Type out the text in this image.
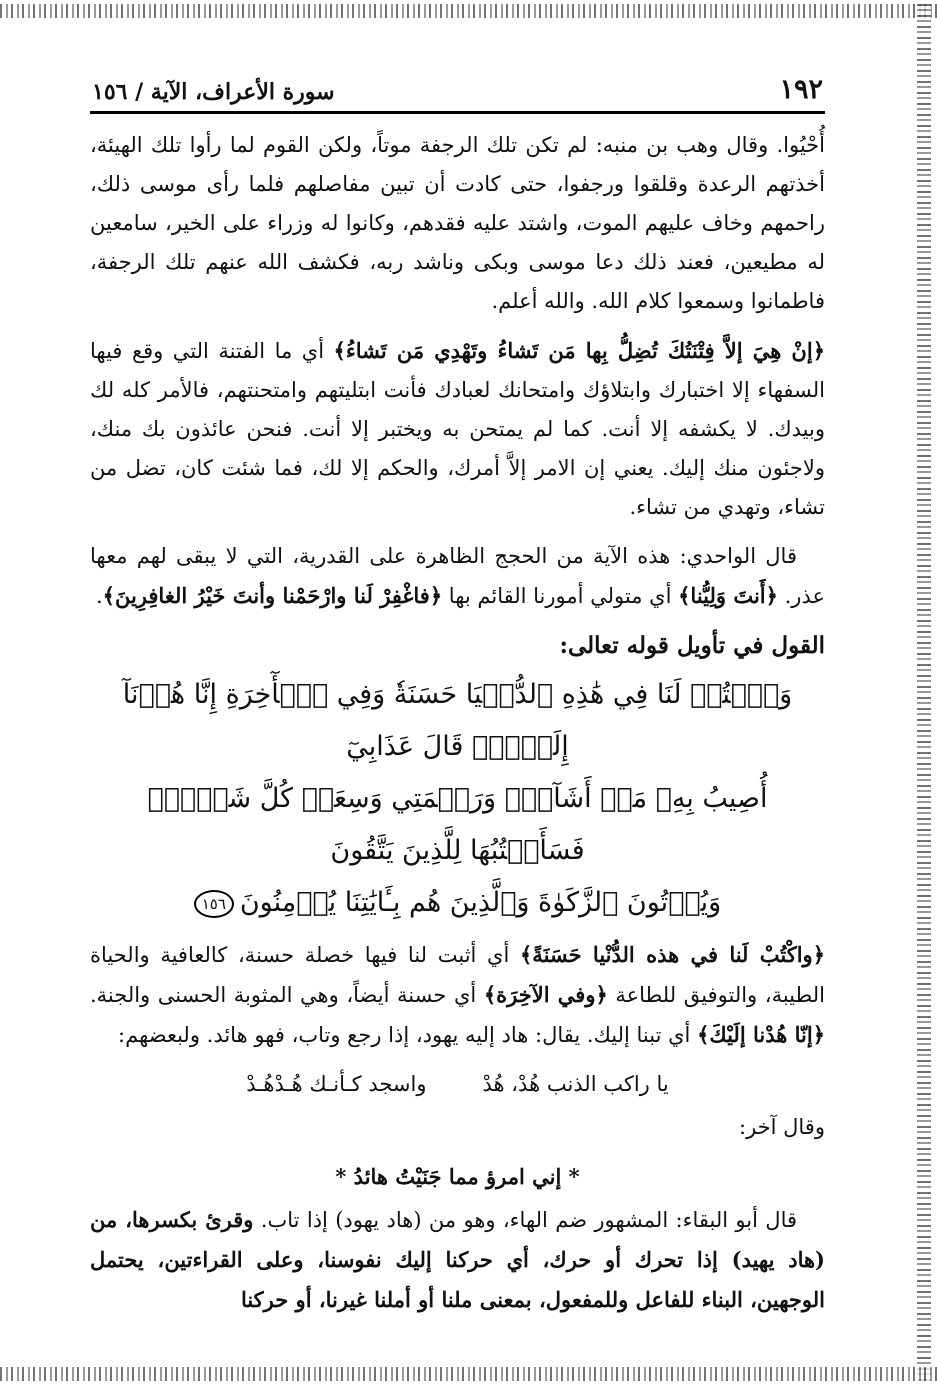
١٩٢
سورة الأعراف، الآية / ١٥٦

أُحْيُوا. وقال وهب بن منبه: لم تكن تلك الرجفة موتاً، ولكن القوم لما رأوا تلك الهيئة، أخذتهم الرعدة وقلقوا ورجفوا، حتى كادت أن تبين مفاصلهم فلما رأى موسى ذلك، راحمهم وخاف عليهم الموت، واشتد عليه فقدهم، وكانوا له وزراء على الخير، سامعين له مطيعين، فعند ذلك دعا موسى وبكى وناشد ربه، فكشف الله عنهم تلك الرجفة، فاطمانوا وسمعوا كلام الله. والله أعلم.

﴿إنْ هِيَ إلاَّ فِتْنَتُكَ تُضِلُّ بِها مَن تَشاءُ وتَهْدِي مَن تَشاءُ﴾ أي ما الفتنة التي وقع فيها السفهاء إلا اختبارك وابتلاؤك وامتحانك لعبادك فأنت ابتليتهم وامتحنتهم، فالأمر كله لك وبيدك. لا يكشفه إلا أنت. كما لم يمتحن به ويختبر إلا أنت. فنحن عائذون بك منك، ولاجئون منك إليك. يعني إن الامر إلاَّ أمرك، والحكم إلا لك، فما شئت كان، تضل من تشاء، وتهدي من تشاء.

قال الواحدي: هذه الآية من الحجج الظاهرة على القدرية، التي لا يبقى لهم معها عذر. ﴿أَنتَ وَلِيُّنا﴾ أي متولي أمورنا القائم بها ﴿فاغْفِرْ لَنا وارْحَمْنا وأنتَ خَيْرُ الغافِرِينَ﴾.

القول في تأويل قوله تعالى:
وَٱكۡتُبۡ لَنَا فِي هَٰذِهِ ٱلدُّنۡيَا حَسَنَةٗ وَفِي ٱلۡأٓخِرَةِ إِنَّا هُدۡنَآ إِلَيۡكَۚ قَالَ عَذَابِيٓ
أُصِيبُ بِهِۦ مَنۡ أَشَآءُۖ وَرَحۡمَتِي وَسِعَتۡ كُلَّ شَيۡءٖۚ فَسَأَكۡتُبُهَا لِلَّذِينَ يَتَّقُونَ
وَيُؤۡتُونَ ٱلزَّكَوٰةَ وَٱلَّذِينَ هُم بِـَٔايَٰتِنَا يُؤۡمِنُونَ١٥٦

﴿واكْتُبْ لَنا في هذه الدُّنْيا حَسَنَةً﴾ أي أثبت لنا فيها خصلة حسنة، كالعافية والحياة الطيبة، والتوفيق للطاعة ﴿وفي الآخِرَة﴾ أي حسنة أيضاً، وهي المثوبة الحسنى والجنة. ﴿إنّا هُدْنا إلَيْكَ﴾ أي تبنا إليك. يقال: هاد إليه يهود، إذا رجع وتاب، فهو هائد. ولبعضهم:

يا راكب الذنب هُدْ، هُدْواسجد كـأنـك هُـدْهُـدْ

وقال آخر:

* إني امرؤ مما جَنَيْتُ هائدُ *

قال أبو البقاء: المشهور ضم الهاء، وهو من (هاد يهود) إذا تاب. وقرئ بكسرها، من (هاد يهيد) إذا تحرك أو حرك، أي حركنا إليك نفوسنا، وعلى القراءتين، يحتمل الوجهين، البناء للفاعل وللمفعول، بمعنى ملنا أو أملنا غيرنا، أو حركنا
